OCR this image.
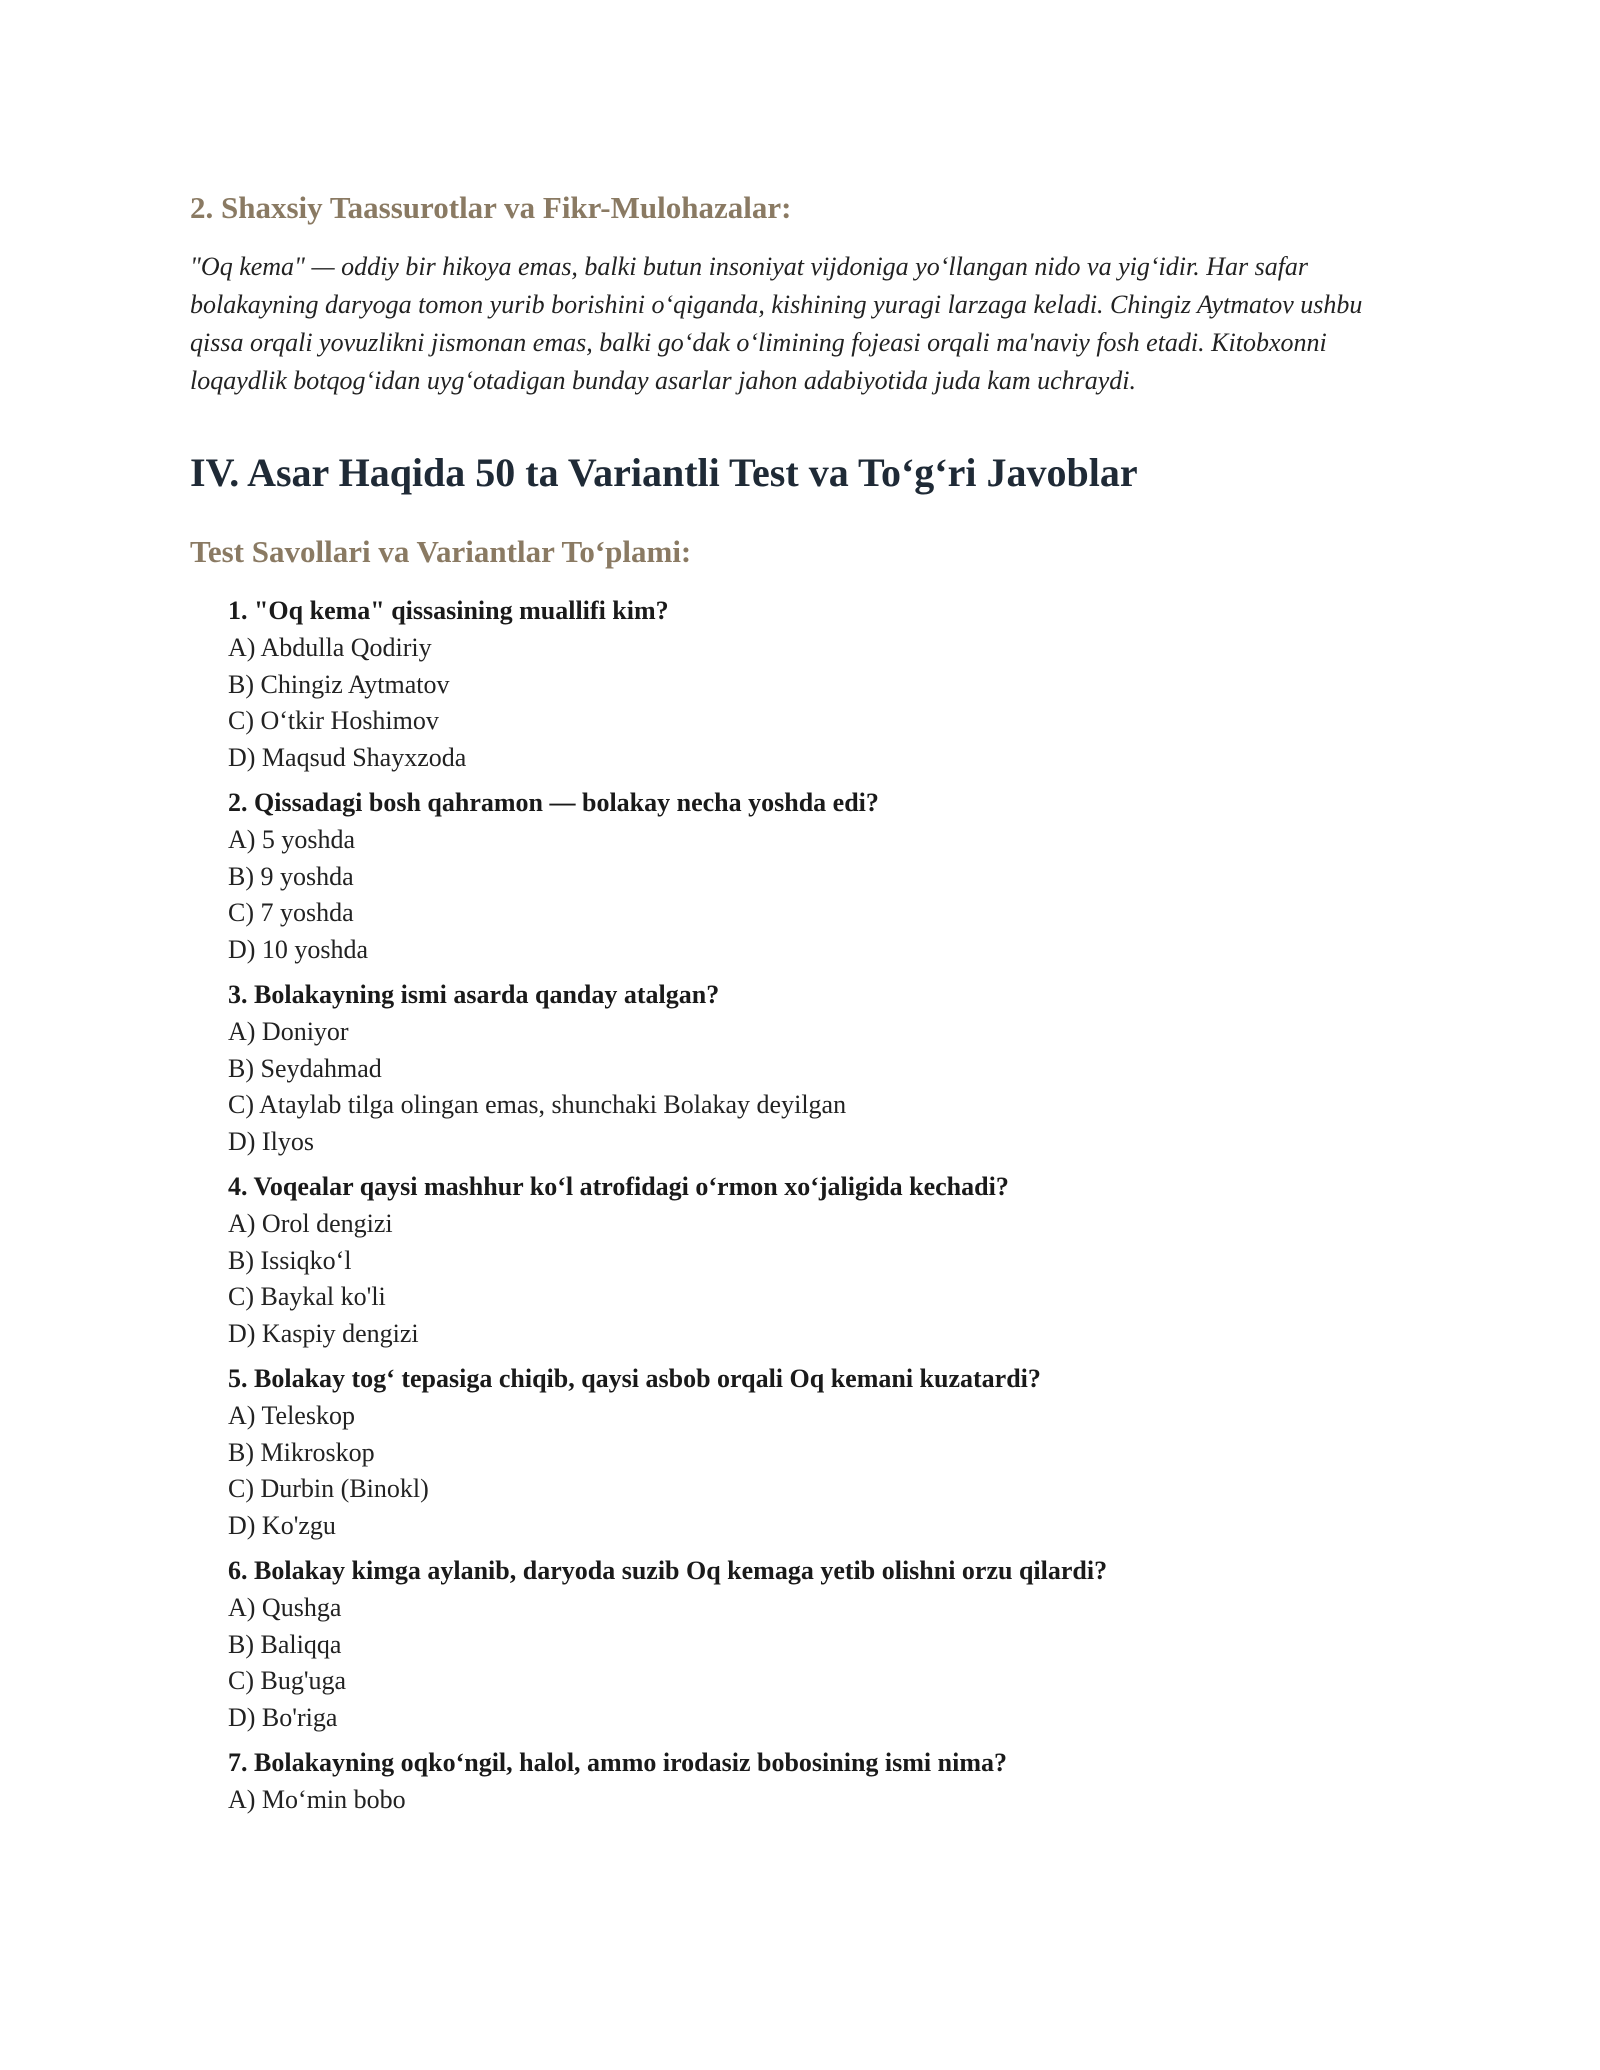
2. Shaxsiy Taassurotlar va Fikr-Mulohazalar:

"Oq kema" — oddiy bir hikoya emas, balki butun insoniyat vijdoniga yo‘llangan nido va yig‘idir. Har safar bolakayning daryoga tomon yurib borishini o‘qiganda, kishining yuragi larzaga keladi. Chingiz Aytmatov ushbu qissa orqali yovuzlikni jismonan emas, balki go‘dak o‘limining fojeasi orqali ma'naviy fosh etadi. Kitobxonni loqaydlik botqog‘idan uyg‘otadigan bunday asarlar jahon adabiyotida juda kam uchraydi.

IV. Asar Haqida 50 ta Variantli Test va To‘g‘ri Javoblar
Test Savollari va Variantlar To‘plami:
1. "Oq kema" qissasining muallifi kim?
A) Abdulla Qodiriy
B) Chingiz Aytmatov
C) O‘tkir Hoshimov
D) Maqsud Shayxzoda
2. Qissadagi bosh qahramon — bolakay necha yoshda edi?
A) 5 yoshda
B) 9 yoshda
C) 7 yoshda
D) 10 yoshda
3. Bolakayning ismi asarda qanday atalgan?
A) Doniyor
B) Seydahmad
C) Ataylab tilga olingan emas, shunchaki Bolakay deyilgan
D) Ilyos
4. Voqealar qaysi mashhur ko‘l atrofidagi o‘rmon xo‘jaligida kechadi?
A) Orol dengizi
B) Issiqko‘l
C) Baykal ko'li
D) Kaspiy dengizi
5. Bolakay tog‘ tepasiga chiqib, qaysi asbob orqali Oq kemani kuzatardi?
A) Teleskop
B) Mikroskop
C) Durbin (Binokl)
D) Ko'zgu
6. Bolakay kimga aylanib, daryoda suzib Oq kemaga yetib olishni orzu qilardi?
A) Qushga
B) Baliqqa
C) Bug'uga
D) Bo'riga
7. Bolakayning oqko‘ngil, halol, ammo irodasiz bobosining ismi nima?
A) Mo‘min bobo
